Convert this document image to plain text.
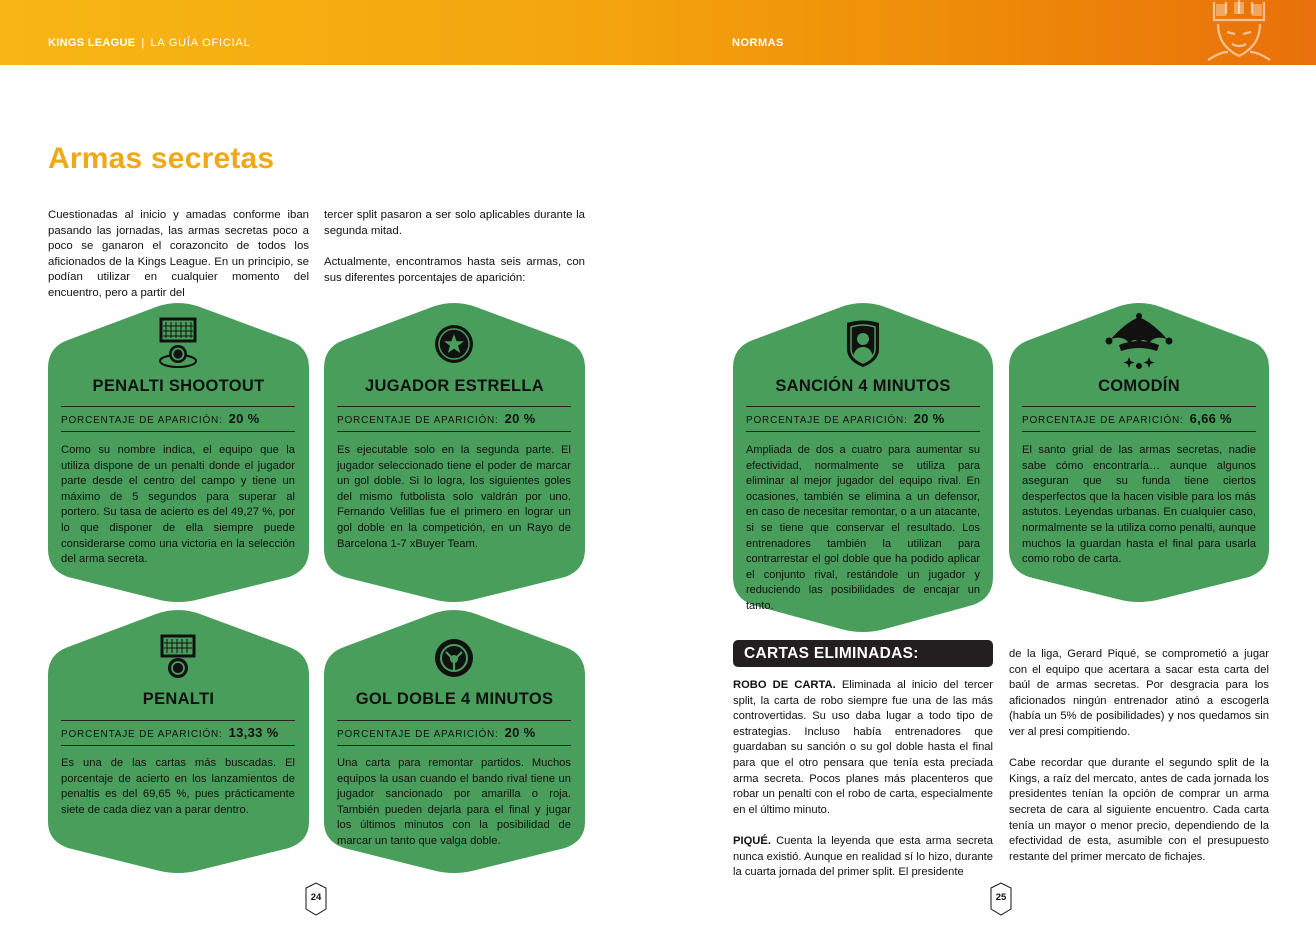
KINGS LEAGUE | LA GUÍA OFICIAL	NORMAS
Armas secretas

Cuestionadas al inicio y amadas conforme iban pasando las jornadas, las armas secretas poco a poco se ganaron el corazoncito de todos los aficionados de la Kings League. En un principio, se podían utilizar en cualquier momento del encuentro, pero a partir del

tercer split pasaron a ser solo aplicables durante la segunda mitad.

Actualmente, encontramos hasta seis armas, con sus diferentes porcentajes de aparición:

PENALTI SHOOTOUT
PORCENTAJE DE APARICIÓN: 20 %

Como su nombre indica, el equipo que la utiliza dispone de un penalti donde el jugador parte desde el centro del campo y tiene un máximo de 5 segundos para superar al portero. Su tasa de acierto es del 49,27 %, por lo que disponer de ella siempre puede considerarse como una victoria en la selección del arma secreta.

JUGADOR ESTRELLA
PORCENTAJE DE APARICIÓN: 20 %

Es ejecutable solo en la segunda parte. El jugador seleccionado tiene el poder de marcar un gol doble. Si lo logra, los siguientes goles del mismo futbolista solo valdrán por uno. Fernando Velillas fue el primero en lograr un gol doble en la competición, en un Rayo de Barcelona 1-7 xBuyer Team.

PENALTI
PORCENTAJE DE APARICIÓN: 13,33 %

Es una de las cartas más buscadas. El porcentaje de acierto en los lanzamientos de penaltis es del 69,65 %, pues prácticamente siete de cada diez van a parar dentro.

GOL DOBLE 4 MINUTOS
PORCENTAJE DE APARICIÓN: 20 %

Una carta para remontar partidos. Muchos equipos la usan cuando el bando rival tiene un jugador sancionado por amarilla o roja. También pueden dejarla para el final y jugar los últimos minutos con la posibilidad de marcar un tanto que valga doble.

SANCIÓN 4 MINUTOS
PORCENTAJE DE APARICIÓN: 20 %

Ampliada de dos a cuatro para aumentar su efectividad, normalmente se utiliza para eliminar al mejor jugador del equipo rival. En ocasiones, también se elimina a un defensor, en caso de necesitar remontar, o a un atacante, si se tiene que conservar el resultado. Los entrenadores también la utilizan para contrarrestar el gol doble que ha podido aplicar el conjunto rival, restándole un jugador y reduciendo las posibilidades de encajar un tanto.

COMODÍN
PORCENTAJE DE APARICIÓN: 6,66 %

El santo grial de las armas secretas, nadie sabe cómo encontrarla… aunque algunos aseguran que su funda tiene ciertos desperfectos que la hacen visible para los más astutos. Leyendas urbanas. En cualquier caso, normalmente se la utiliza como penalti, aunque muchos la guardan hasta el final para usarla como robo de carta.

CARTAS ELIMINADAS:

ROBO DE CARTA. Eliminada al inicio del tercer split, la carta de robo siempre fue una de las más controvertidas. Su uso daba lugar a todo tipo de estrategias. Incluso había entrenadores que guardaban su sanción o su gol doble hasta el final para que el otro pensara que tenía esta preciada arma secreta. Pocos planes más placenteros que robar un penalti con el robo de carta, especialmente en el último minuto.

PIQUÉ. Cuenta la leyenda que esta arma secreta nunca existió. Aunque en realidad sí lo hizo, durante la cuarta jornada del primer split. El presidente

de la liga, Gerard Piqué, se comprometió a jugar con el equipo que acertara a sacar esta carta del baúl de armas secretas. Por desgracia para los aficionados ningún entrenador atinó a escogerla (había un 5% de posibilidades) y nos quedamos sin ver al presi compitiendo.

Cabe recordar que durante el segundo split de la Kings, a raíz del mercato, antes de cada jornada los presidentes tenían la opción de comprar un arma secreta de cara al siguiente encuentro. Cada carta tenía un mayor o menor precio, dependiendo de la efectividad de esta, asumible con el presupuesto restante del primer mercato de fichajes.

24	25
